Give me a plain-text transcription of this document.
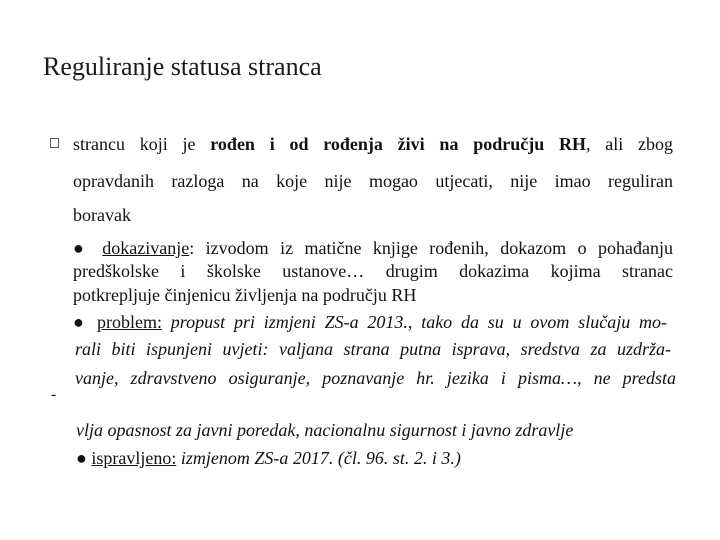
Reguliranje statusa stranca
strancu koji je rođen i od rođenja živi na području RH, ali zbog
opravdanih razloga na koje nije mogao utjecati, nije imao reguliran
boravak
● dokazivanje: izvodom iz matične knjige rođenih, dokazom o pohađanju
predškolske i školske ustanove… drugim dokazima kojima stranac
potkrepljuje činjenicu življenja na području RH
● problem: propust pri izmjeni ZS-a 2013., tako da su u ovom slučaju mo-
rali biti ispunjeni uvjeti: valjana strana putna isprava, sredstva za uzdrža-
vanje, zdravstveno osiguranje, poznavanje hr. jezika i pisma…, ne predsta
-
vlja opasnost za javni poredak, nacionalnu sigurnost i javno zdravlje
● ispravljeno: izmjenom ZS-a 2017. (čl. 96. st. 2. i 3.)
